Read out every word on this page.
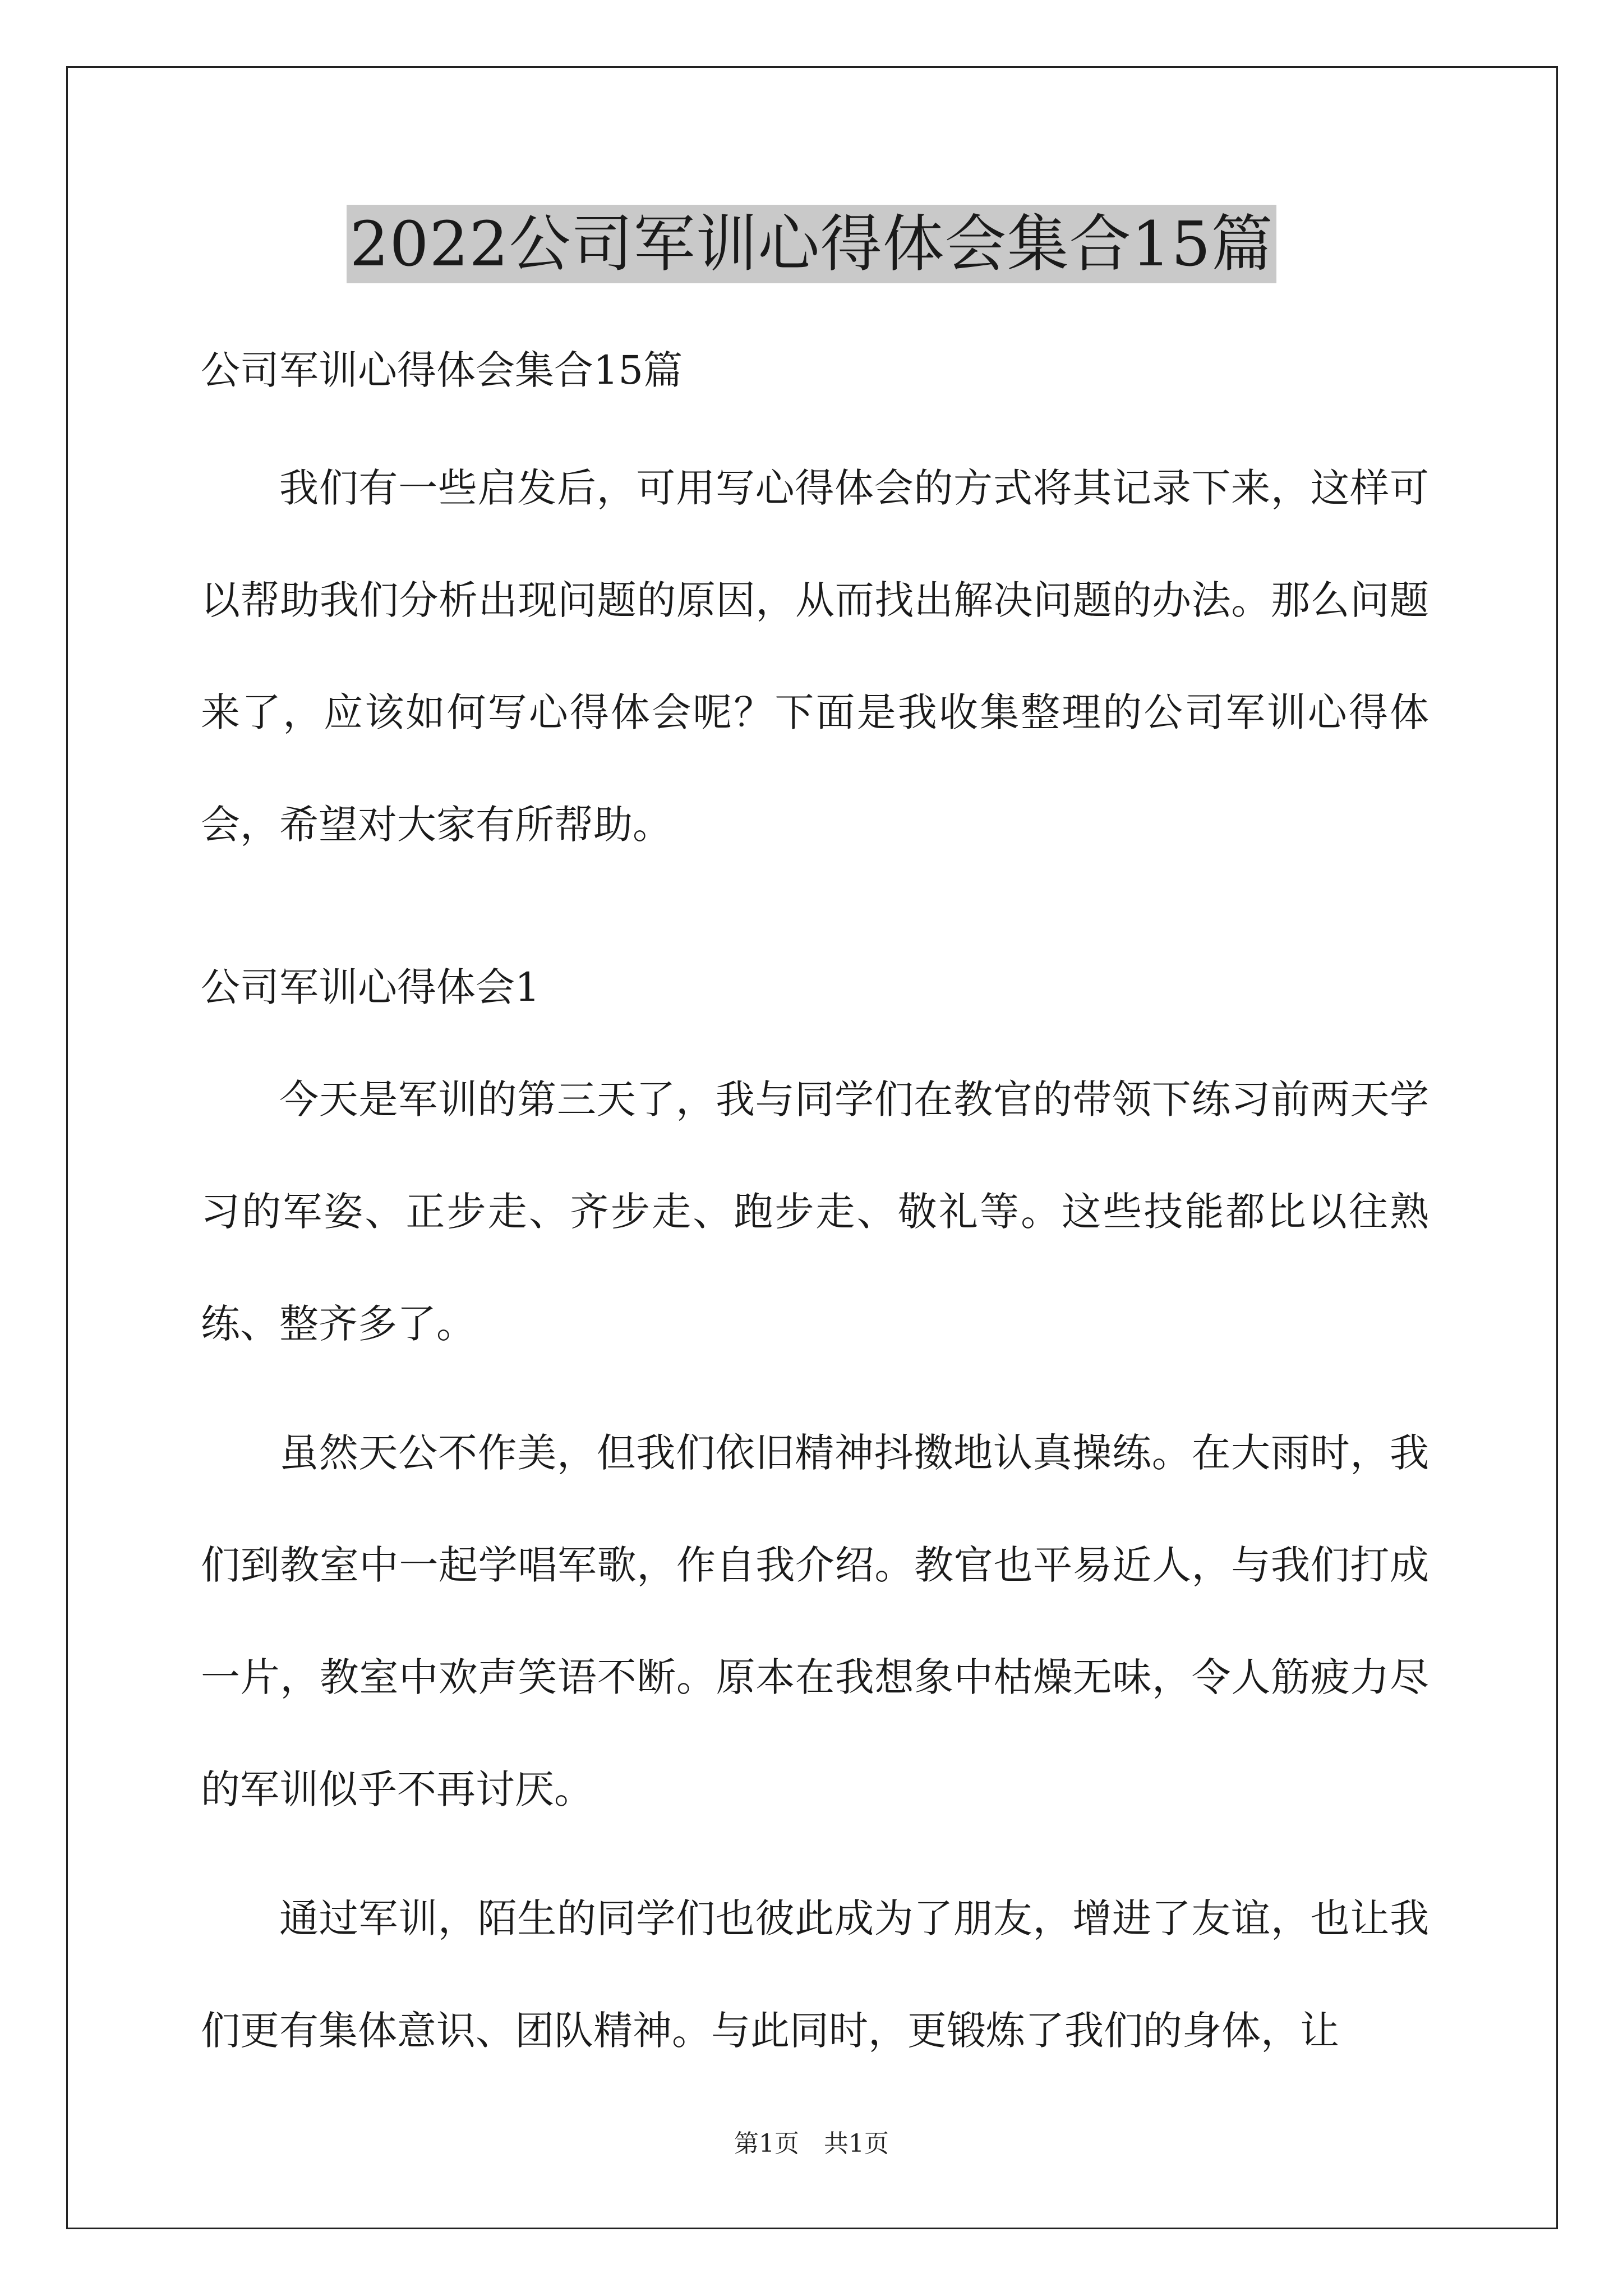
2022公司军训心得体会集合15篇

公司军训心得体会集合15篇

我们有一些启发后，可用写心得体会的方式将其记录下来，这样可以帮助我们分析出现问题的原因，从而找出解决问题的办法。那么问题来了，应该如何写心得体会呢？下面是我收集整理的公司军训心得体会，希望对大家有所帮助。

公司军训心得体会1

今天是军训的第三天了，我与同学们在教官的带领下练习前两天学习的军姿、正步走、齐步走、跑步走、敬礼等。这些技能都比以往熟练、整齐多了。

虽然天公不作美，但我们依旧精神抖擞地认真操练。在大雨时，我们到教室中一起学唱军歌，作自我介绍。教官也平易近人，与我们打成一片，教室中欢声笑语不断。原本在我想象中枯燥无味，令人筋疲力尽的军训似乎不再讨厌。

通过军训，陌生的同学们也彼此成为了朋友，增进了友谊，也让我们更有集体意识、团队精神。与此同时，更锻炼了我们的身体，让

第1页 共1页
